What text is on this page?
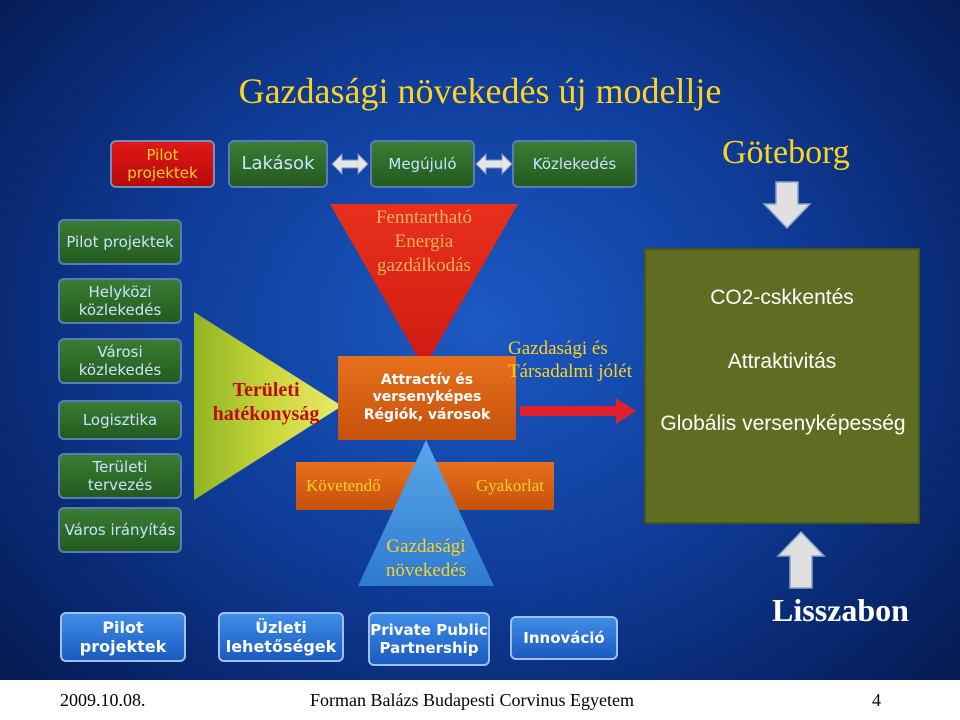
Gazdasági növekedés új modellje
Pilot projektek	Lakások	Megújuló	Közlekedés	Göteborg
Pilot projektek
Helyközi közlekedés
Városi közlekedés
Logisztika
Területi tervezés
Város irányítás
Területi hatékonyság
Fenntartható Energia gazdálkodás
Attractív és
versenyképes
Régiók, városok
Gazdasági és Társadalmi jólét
Követendő	Gyakorlat
Gazdasági növekedés
CO2-cskkentés
Attraktivitás
Globális versenyképesség
Lisszabon
Pilot projektek
Üzleti lehetőségek
Private Public Partnership
Innováció
2009.10.08.	Forman Balázs Budapesti Corvinus Egyetem	4
